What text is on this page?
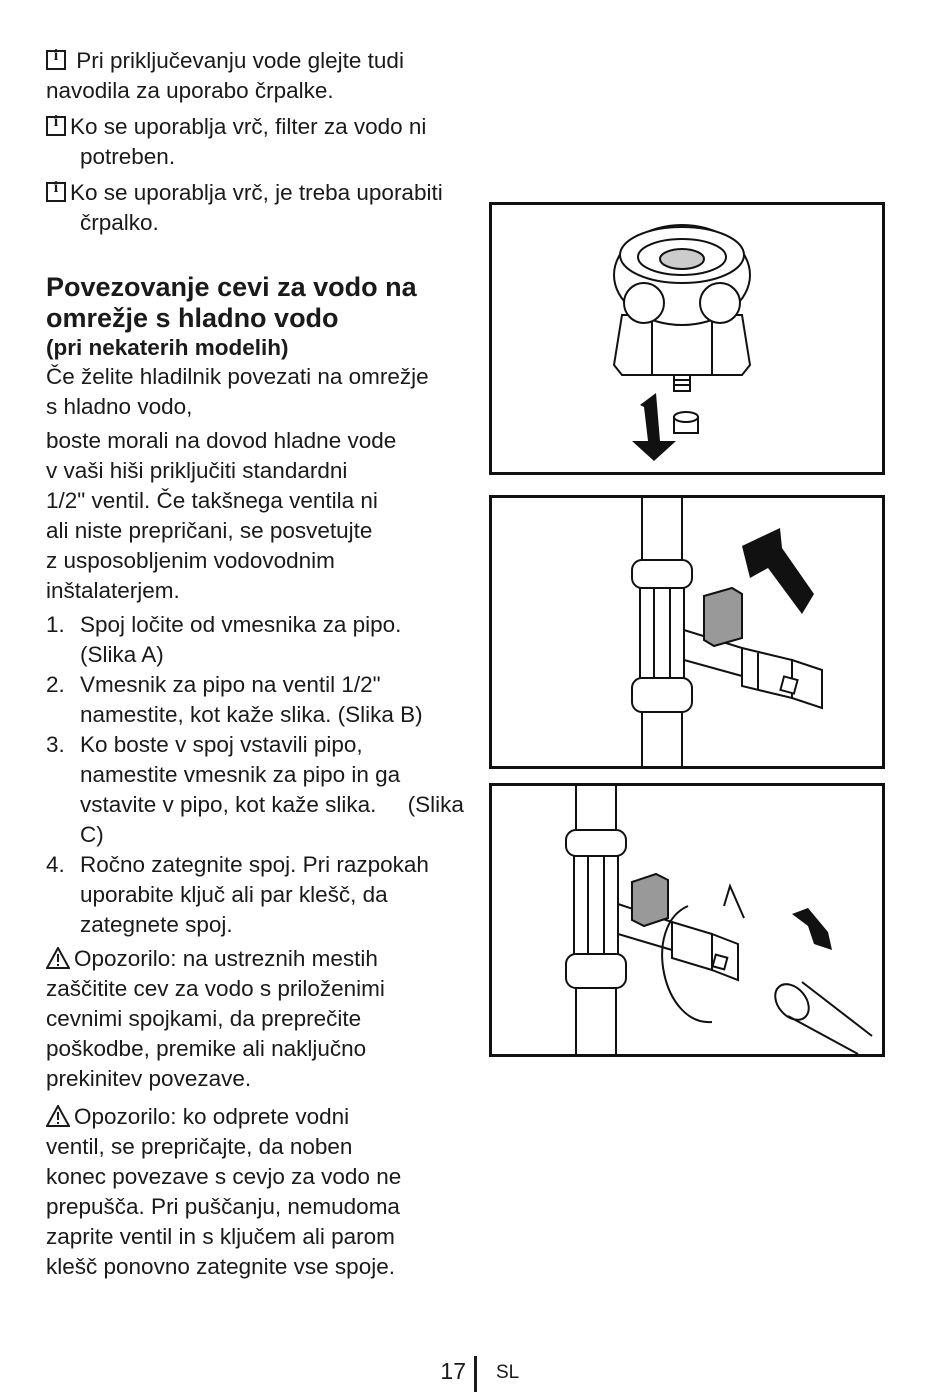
i Pri priključevanju vode glejte tudi
navodila za uporabo črpalke.
iKo se uporablja vrč, filter za vodo ni
potreben.
iKo se uporablja vrč, je treba uporabiti
črpalko.
Povezovanje cevi za vodo na
omrežje s hladno vodo
(pri nekaterih modelih)

Če želite hladilnik povezati na omrežje
s hladno vodo,

boste morali na dovod hladne vode
v vaši hiši priključiti standardni
1/2" ventil. Če takšnega ventila ni
ali niste prepričani, se posvetujte
z usposobljenim vodovodnim
inštalaterjem.

1. Spoj ločite od vmesnika za pipo.
(Slika A)
2. Vmesnik za pipo na ventil 1/2"
namestite, kot kaže slika. (Slika B)
3. Ko boste v spoj vstavili pipo,
namestite vmesnik za pipo in ga
vstavite v pipo, kot kaže slika.     (Slika
C)
4. Ročno zategnite spoj. Pri razpokah
uporabite ključ ali par klešč, da
zategnete spoj.

Opozorilo: na ustreznih mestih
zaščitite cev za vodo s priloženimi
cevnimi spojkami, da preprečite
poškodbe, premike ali naključno
prekinitev povezave.

Opozorilo: ko odprete vodni
ventil, se prepričajte, da noben
konec povezave s cevjo za vodo ne
prepušča. Pri puščanju, nemudoma
zaprite ventil in s ključem ali parom
klešč ponovno zategnite vse spoje.

17 SL
